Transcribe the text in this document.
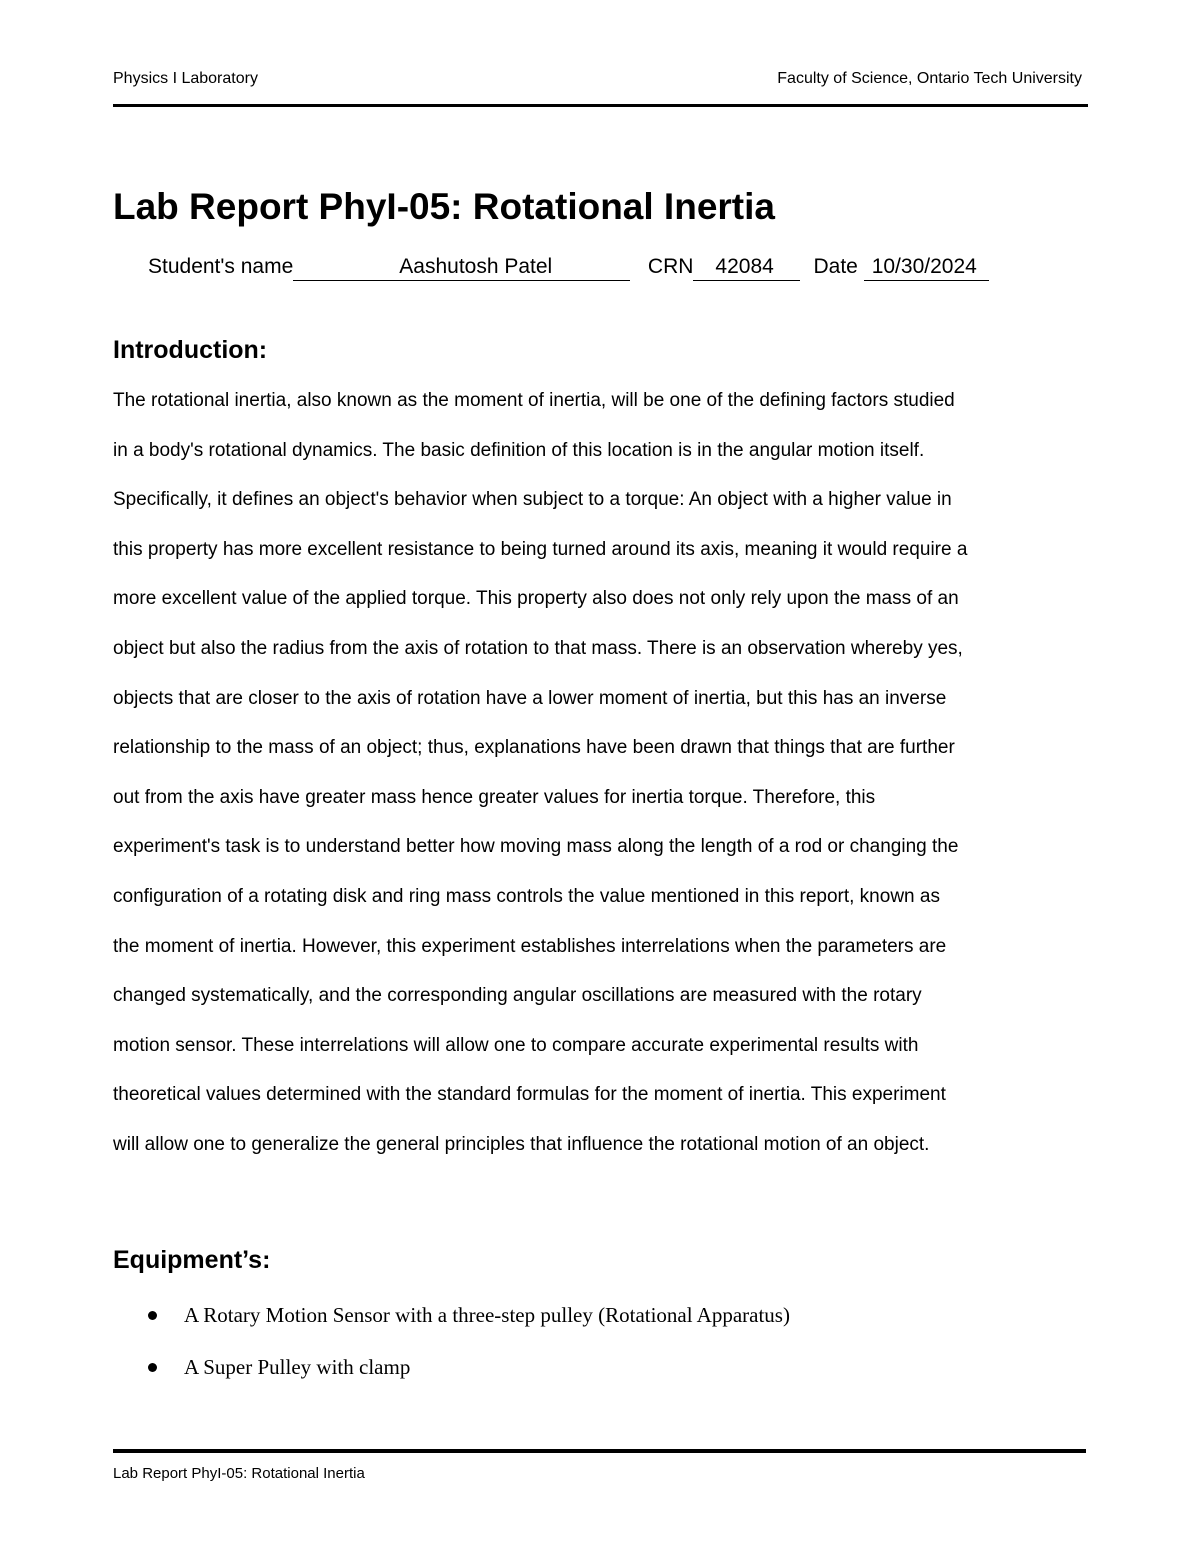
Physics I Laboratory	Faculty of Science, Ontario Tech University
Lab Report PhyI-05: Rotational Inertia
Student's name	Aashutosh Patel	CRN 42084 Date 10/30/2024
Introduction:
The rotational inertia, also known as the moment of inertia, will be one of the defining factors studied
in a body's rotational dynamics. The basic definition of this location is in the angular motion itself.
Specifically, it defines an object's behavior when subject to a torque: An object with a higher value in
this property has more excellent resistance to being turned around its axis, meaning it would require a
more excellent value of the applied torque. This property also does not only rely upon the mass of an
object but also the radius from the axis of rotation to that mass. There is an observation whereby yes,
objects that are closer to the axis of rotation have a lower moment of inertia, but this has an inverse
relationship to the mass of an object; thus, explanations have been drawn that things that are further
out from the axis have greater mass hence greater values for inertia torque. Therefore, this
experiment's task is to understand better how moving mass along the length of a rod or changing the
configuration of a rotating disk and ring mass controls the value mentioned in this report, known as
the moment of inertia. However, this experiment establishes interrelations when the parameters are
changed systematically, and the corresponding angular oscillations are measured with the rotary
motion sensor. These interrelations will allow one to compare accurate experimental results with
theoretical values determined with the standard formulas for the moment of inertia. This experiment
will allow one to generalize the general principles that influence the rotational motion of an object.
Equipment’s:
A Rotary Motion Sensor with a three-step pulley (Rotational Apparatus)
A Super Pulley with clamp
Lab Report PhyI-05: Rotational Inertia
